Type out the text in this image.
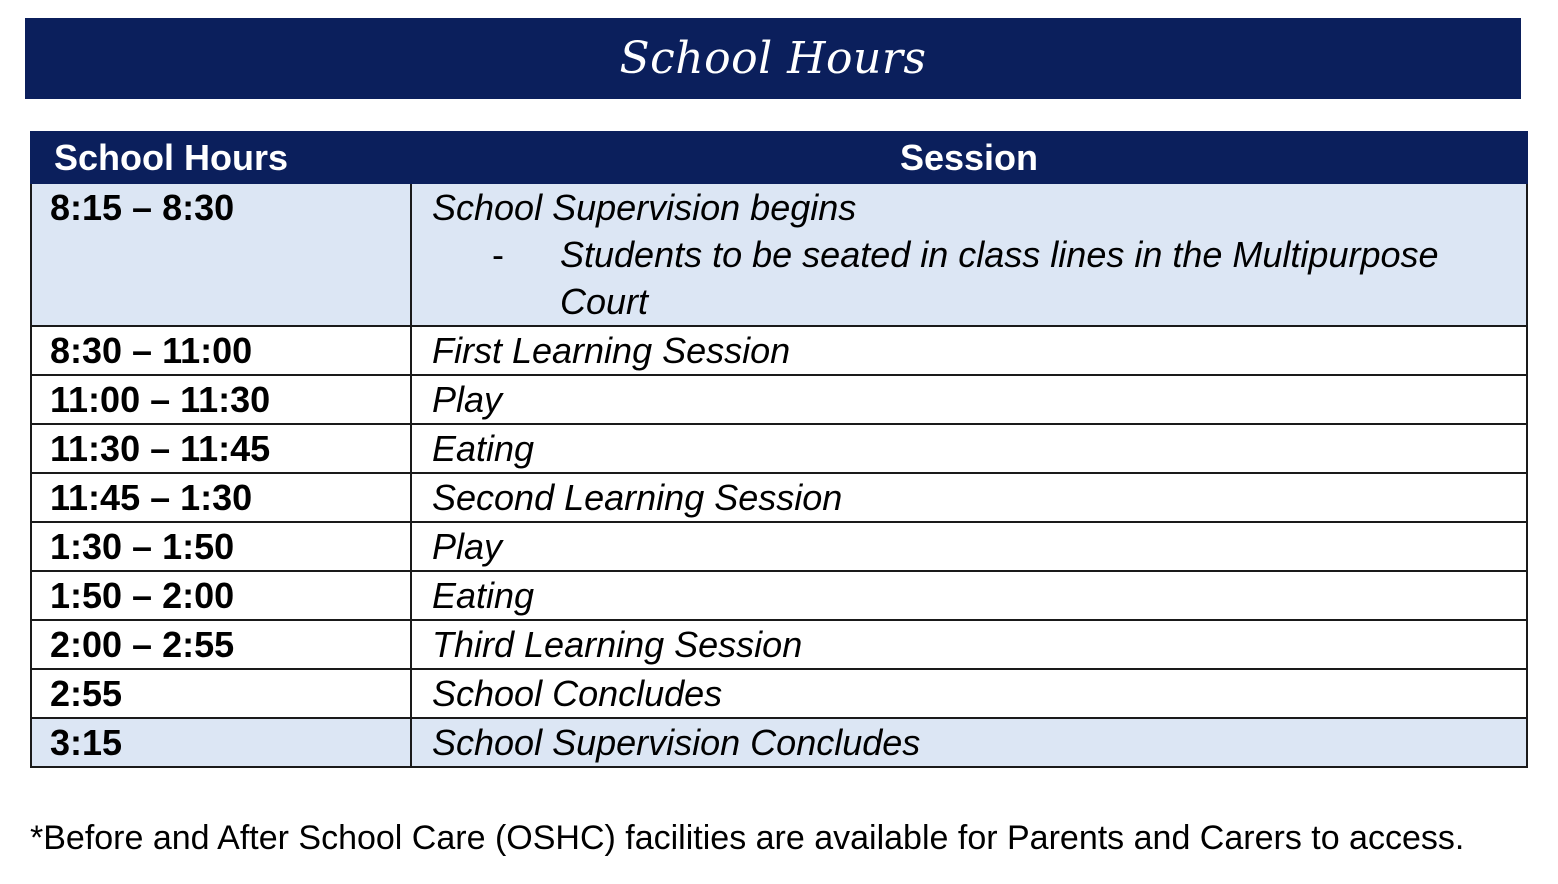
School Hours
School Hours	Session
8:15 – 8:30	School Supervision begins
- Students to be seated in class lines in the Multipurpose Court

8:30 – 11:00	First Learning Session
11:00 – 11:30	Play
11:30 – 11:45	Eating
11:45 – 1:30	Second Learning Session
1:30 – 1:50	Play
1:50 – 2:00	Eating
2:00 – 2:55	Third Learning Session
2:55	School Concludes
3:15	School Supervision Concludes
*Before and After School Care (OSHC) facilities are available for Parents and Carers to access.
